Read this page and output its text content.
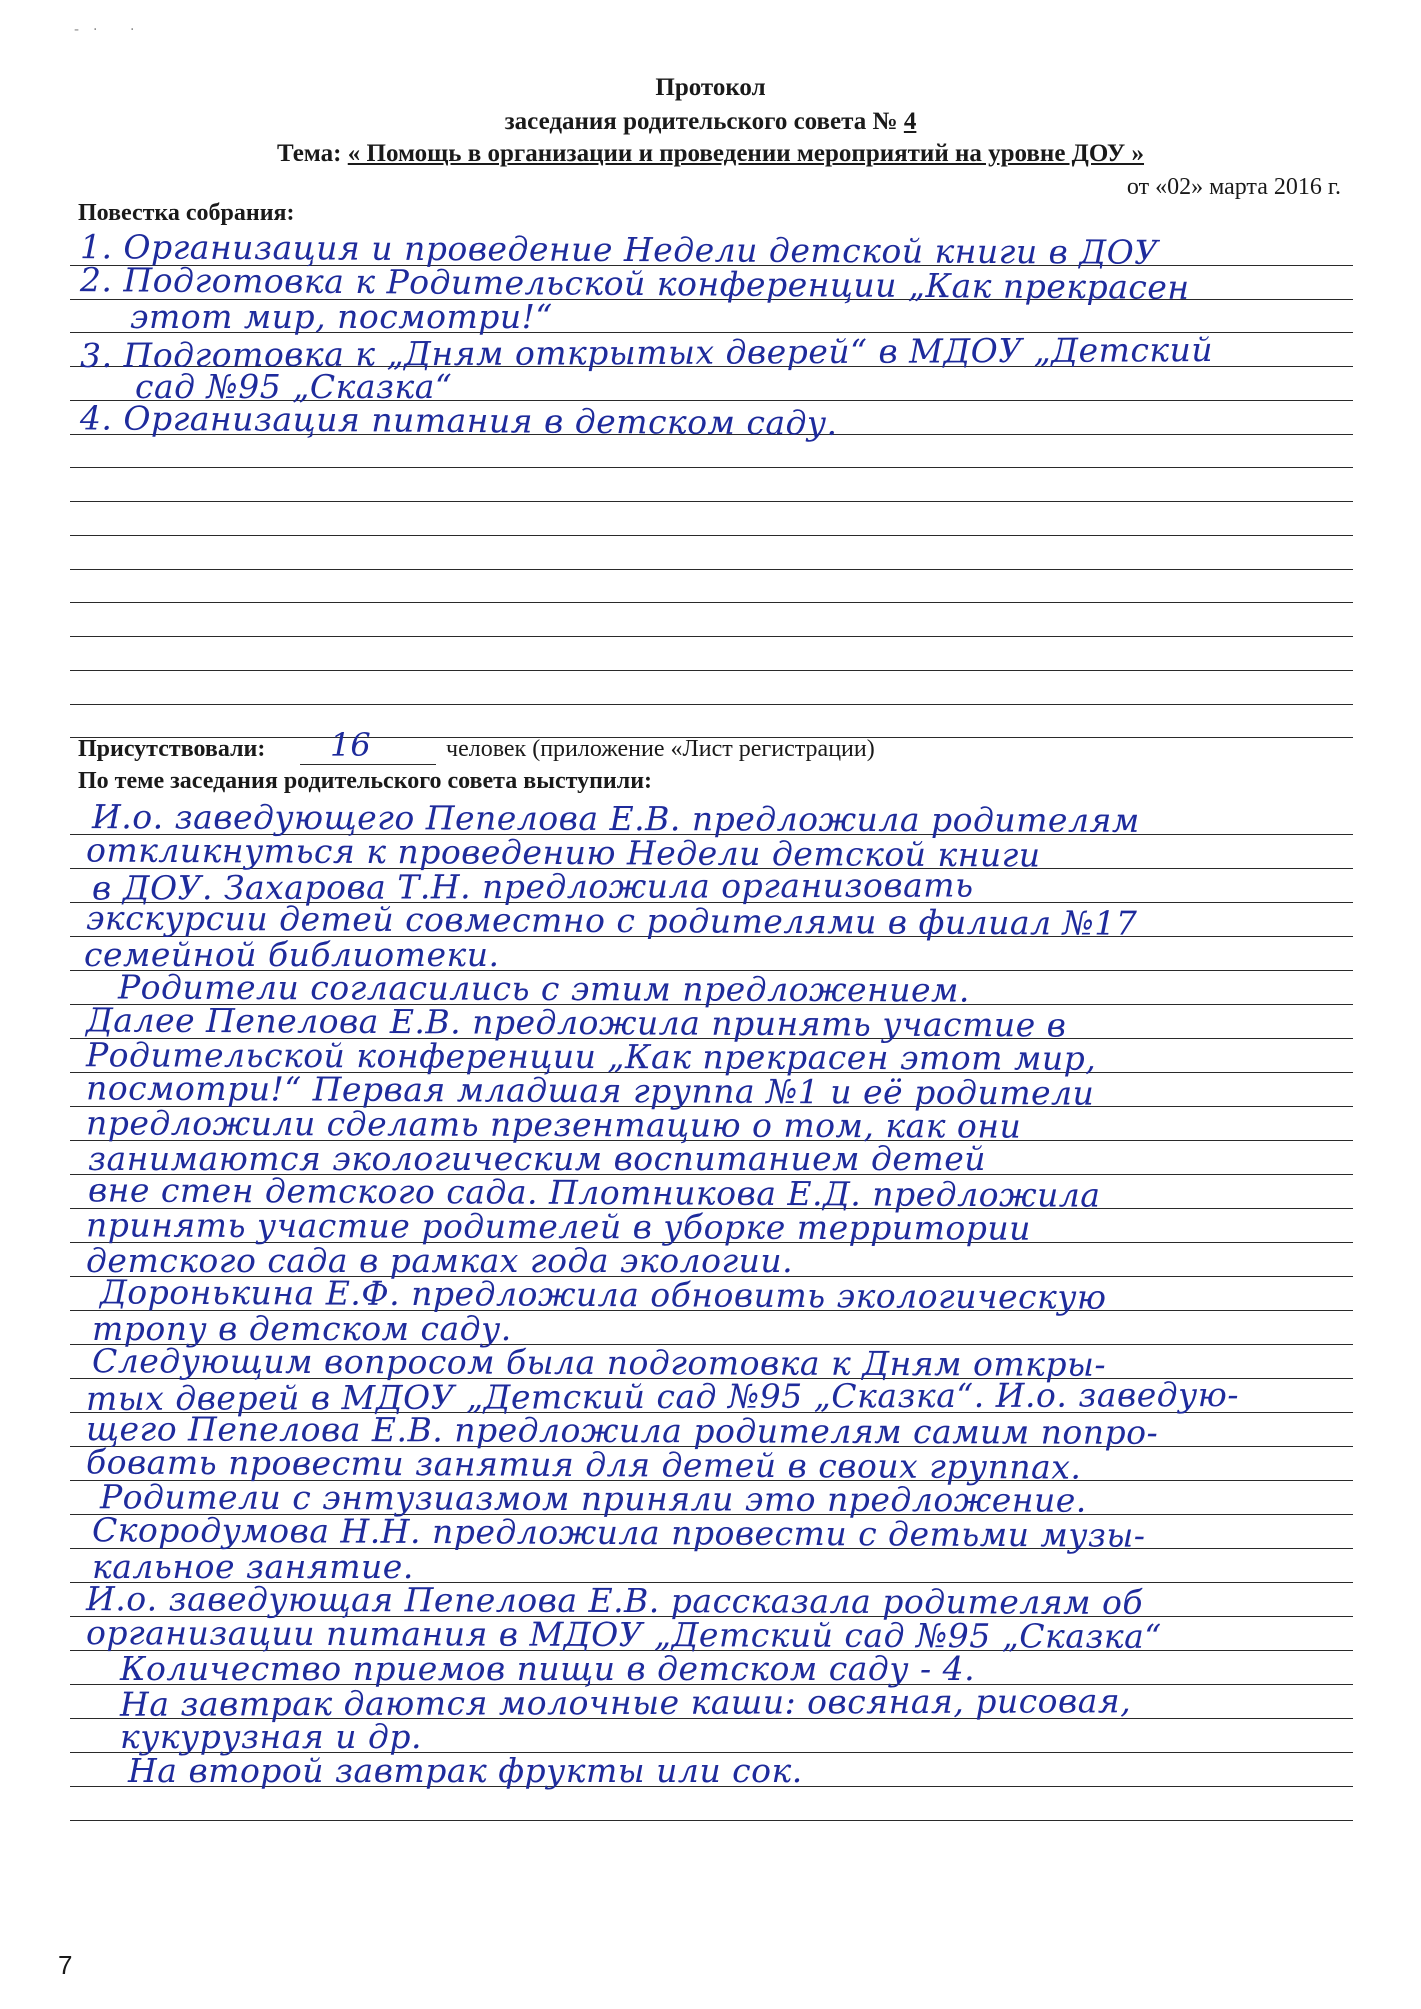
-· ·
Протокол
заседания родительского совета № 4
Тема: « Помощь в организации и проведении мероприятий на уровне ДОУ »
от «02» марта 2016 г.
Повестка собрания:
1. Организация и проведение Недели детской книги в ДОУ
2. Подготовка к Родительской конференции „Как прекрасен
этот мир, посмотри!“
3. Подготовка к „Дням открытых дверей“ в МДОУ „Детский
сад №95 „Сказка“
4. Организация питания в детском саду.
Присутствовали: 16	человек (приложение «Лист регистрации)
По теме заседания родительского совета выступили:
И.о. заведующего Пепелова Е.В. предложила родителям
откликнуться к проведению Недели детской книги
в ДОУ. Захарова Т.Н. предложила организовать
экскурсии детей совместно с родителями в филиал №17
семейной библиотеки.
Родители согласились с этим предложением.
Далее Пепелова Е.В. предложила принять участие в
Родительской конференции „Как прекрасен этот мир,
посмотри!“ Первая младшая группа №1 и её родители
предложили сделать презентацию о том, как они
занимаются экологическим воспитанием детей
вне стен детского сада. Плотникова Е.Д. предложила
принять участие родителей в уборке территории
детского сада в рамках года экологии.
Доронькина Е.Ф. предложила обновить экологическую
тропу в детском саду.
Следующим вопросом была подготовка к Дням откры-
тых дверей в МДОУ „Детский сад №95 „Сказка“. И.о. заведую-
щего Пепелова Е.В. предложила родителям самим попро-
бовать провести занятия для детей в своих группах.
Родители с энтузиазмом приняли это предложение.
Скородумова Н.Н. предложила провести с детьми музы-
кальное занятие.
И.о. заведующая Пепелова Е.В. рассказала родителям об
организации питания в МДОУ „Детский сад №95 „Сказка“
Количество приемов пищи в детском саду - 4.
На завтрак даются молочные каши: овсяная, рисовая,
кукурузная и др.
На второй завтрак фрукты или сок.
7
